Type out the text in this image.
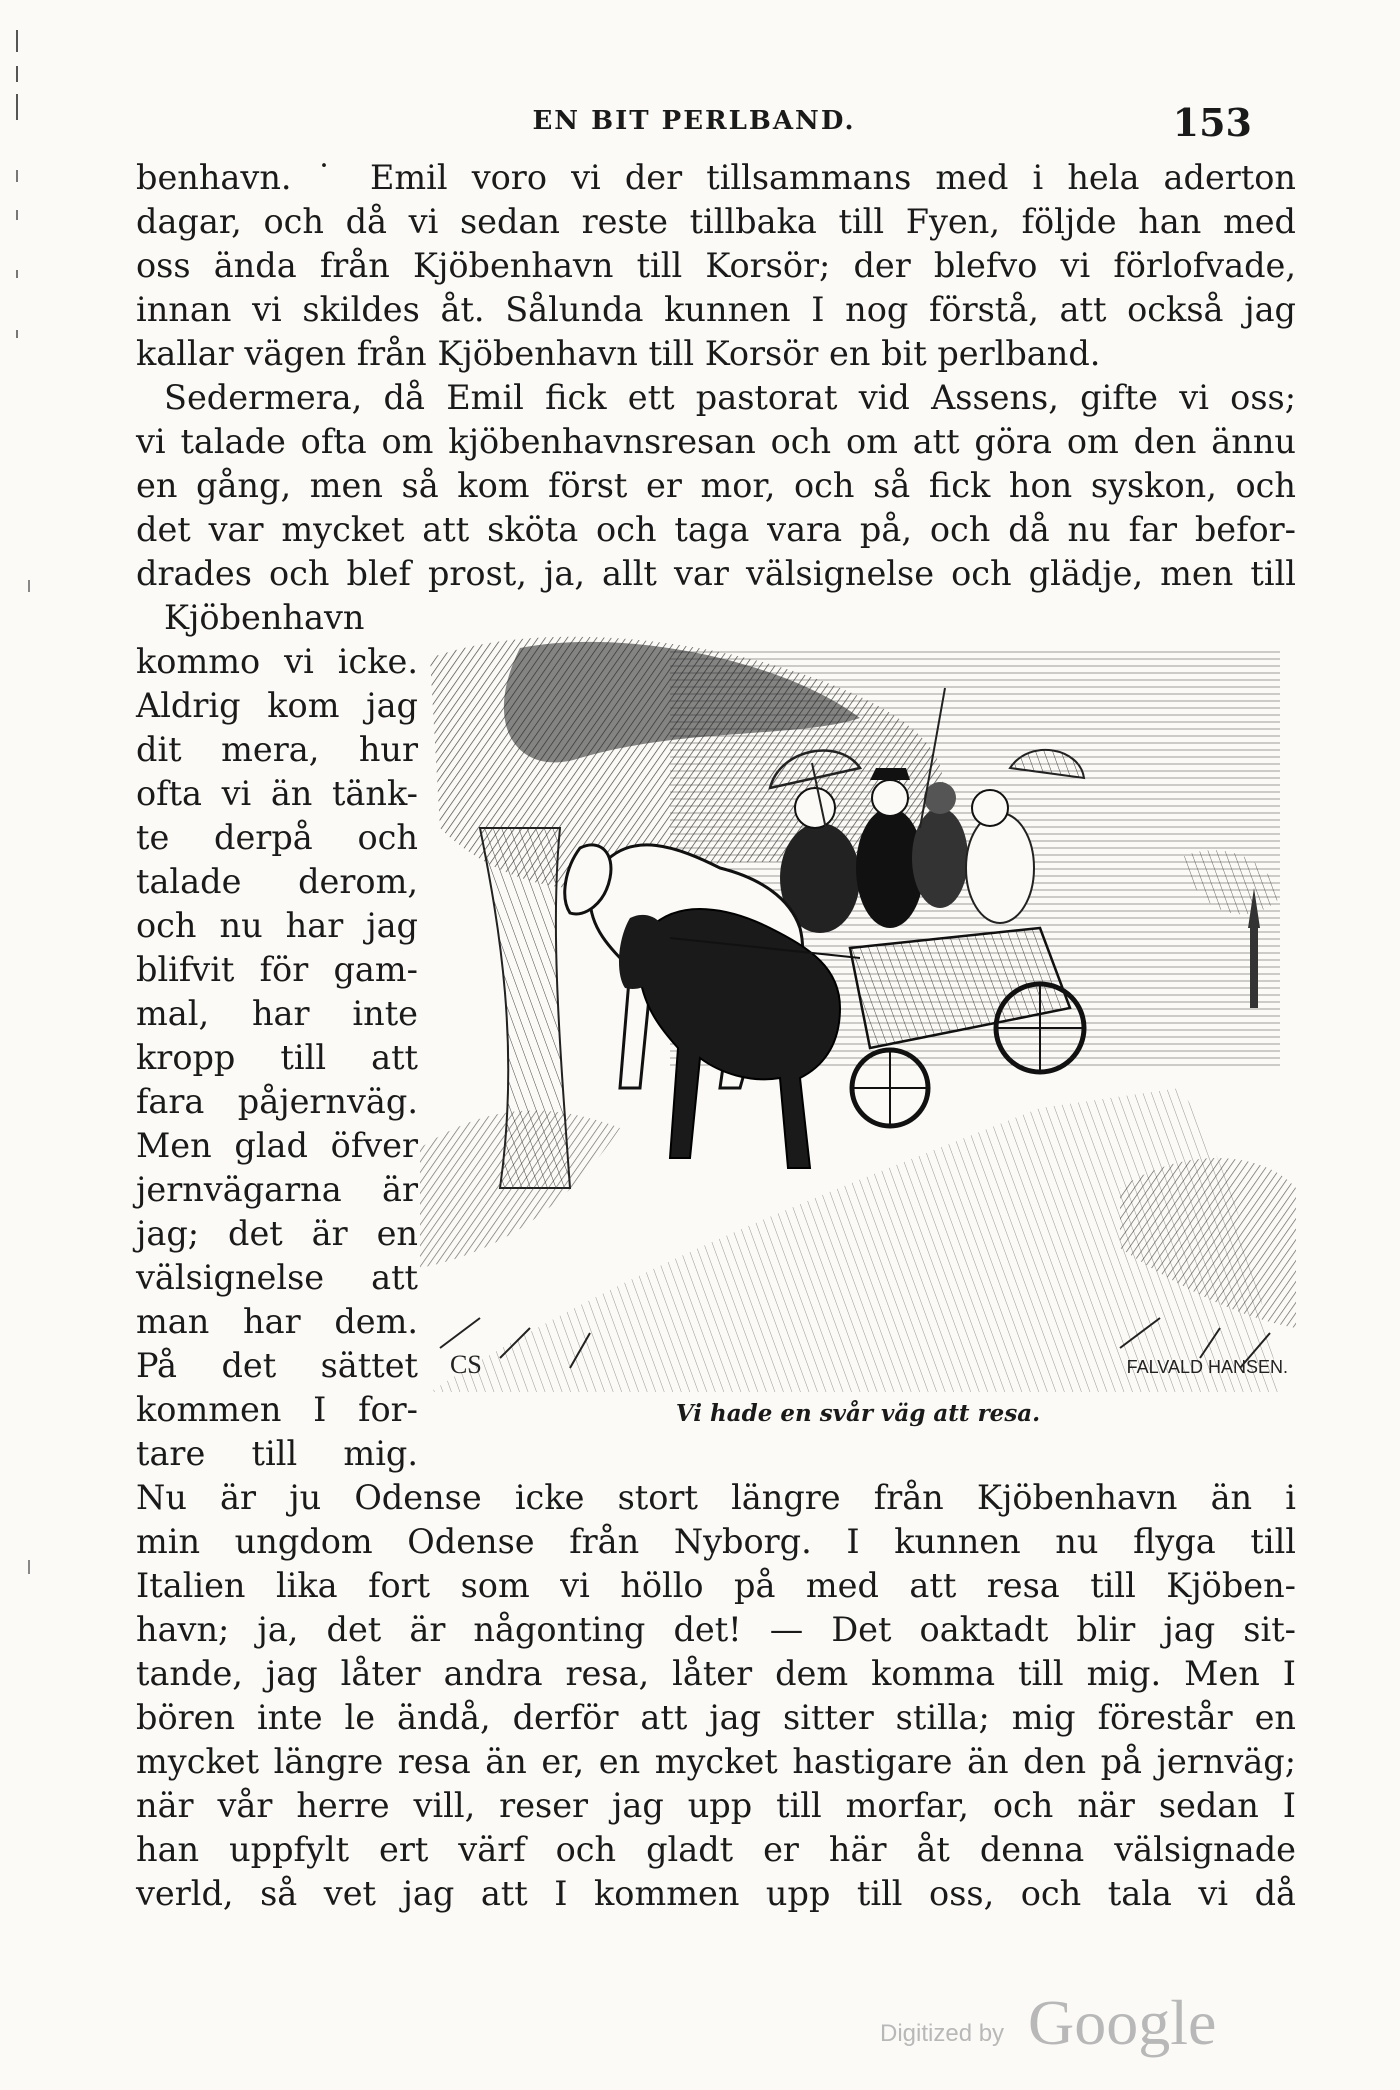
EN BIT PERLBAND.	153
benhavn. ˙ Emil voro vi der tillsammans med i hela aderton
dagar, och då vi sedan reste tillbaka till Fyen, följde han med
oss ända från Kjöbenhavn till Korsör; der blefvo vi förlofvade,
innan vi skildes åt. Sålunda kunnen I nog förstå, att också jag
kallar vägen från Kjöbenhavn till Korsör en bit perlband.
Sedermera, då Emil fick ett pastorat vid Assens, gifte vi oss;
vi talade ofta om kjöbenhavnsresan och om att göra om den ännu
en gång, men så kom först er mor, och så fick hon syskon, och
det var mycket att sköta och taga vara på, och då nu far befor-
drades och blef prost, ja, allt var välsignelse och glädje, men till
Kjöbenhavn
kommo vi icke.
Aldrig kom jag
dit mera, hur
ofta vi än tänk-
te derpå och
talade derom,
och nu har jag
blifvit för gam-
mal, har inte
kropp till att
fara påjernväg.
Men glad öfver
jernvägarna är
jag; det är en
välsignelse att
man har dem.
På det sättet
kommen I for-
tare till mig.
CS	FALVALD HANSEN.
Vi hade en svår väg att resa.
Nu är ju Odense icke stort längre från Kjöbenhavn än i
min ungdom Odense från Nyborg. I kunnen nu flyga till
Italien lika fort som vi höllo på med att resa till Kjöben-
havn; ja, det är någonting det! — Det oaktadt blir jag sit-
tande, jag låter andra resa, låter dem komma till mig. Men I
bören inte le ändå, derför att jag sitter stilla; mig förestår en
mycket längre resa än er, en mycket hastigare än den på jernväg;
när vår herre vill, reser jag upp till morfar, och när sedan I
han uppfylt ert värf och gladt er här åt denna välsignade
verld, så vet jag att I kommen upp till oss, och tala vi då
Digitized by Google
